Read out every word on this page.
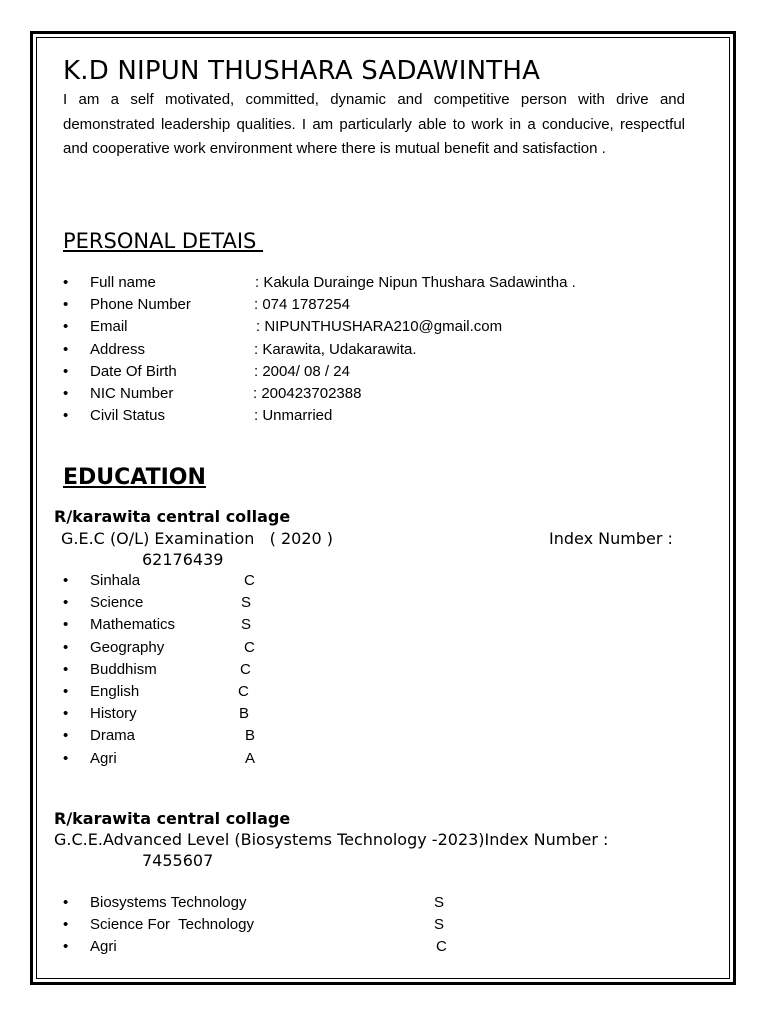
K.D NIPUN THUSHARA SADAWINTHA
I am a self motivated, committed, dynamic and competitive person with drive and demonstrated leadership qualities. I am particularly able to work in a conducive, respectful and cooperative work environment where there is mutual benefit and satisfaction .
PERSONAL DETAIS
• Full name	: Kakula Durainge Nipun Thushara Sadawintha .
• Phone Number	: 074 1787254
• Email	: NIPUNTHUSHARA210@gmail.com
• Address	: Karawita, Udakarawita.
• Date Of Birth	: 2004/ 08 / 24
• NIC Number	: 200423702388
• Civil Status	: Unmarried
EDUCATION
R/karawita central collage
G.E.C (O/L) Examination   ( 2020 )	Index Number :
62176439
• Sinhala	C
• Science	S
• Mathematics	S
• Geography	C
• Buddhism	C
• English	C
• History	B
• Drama	B
• Agri	A
R/karawita central collage
G.C.E.Advanced Level (Biosystems Technology -2023)Index Number :
7455607
• Biosystems Technology	S
• Science For  Technology	S
• Agri	C
